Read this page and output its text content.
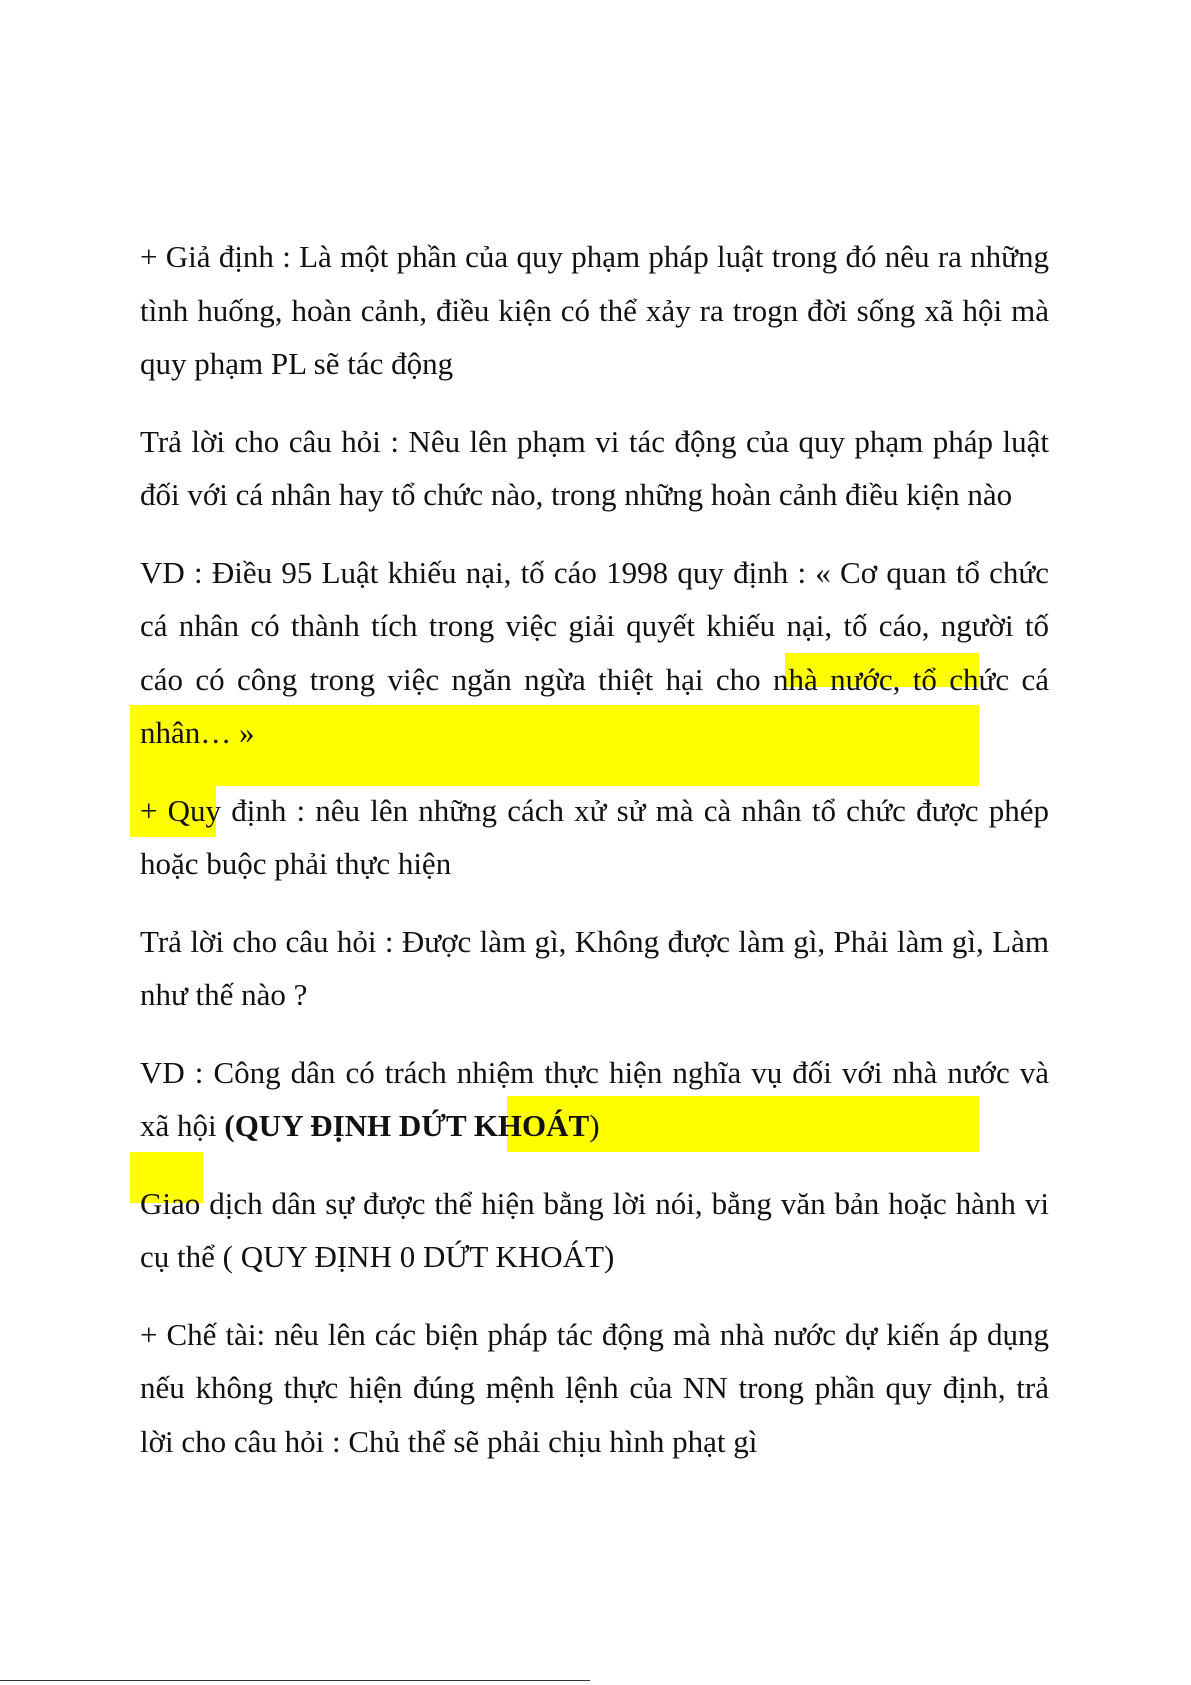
+ Giả định : Là một phần của quy phạm pháp luật trong đó nêu ra những tình huống, hoàn cảnh, điều kiện có thể xảy ra trogn đời sống xã hội mà quy phạm PL sẽ tác động

Trả lời cho câu hỏi : Nêu lên phạm vi tác động của quy phạm pháp luật đối với cá nhân hay tổ chức nào, trong những hoàn cảnh điều kiện nào

VD : Điều 95 Luật khiếu nại, tố cáo 1998 quy định : « Cơ quan tổ chức cá nhân có thành tích trong việc giải quyết khiếu nại, tố cáo, người tố cáo có công trong việc ngăn ngừa thiệt hại cho nhà nước, tổ chức cá nhân… »

+ Quy định : nêu lên những cách xử sử mà cà nhân tổ chức được phép hoặc buộc phải thực hiện

Trả lời cho câu hỏi : Được làm gì, Không được làm gì, Phải làm gì, Làm như thế nào ?

VD : Công dân có trách nhiệm thực hiện nghĩa vụ đối với nhà nước và xã hội (QUY ĐỊNH DỨT KHOÁT)

Giao dịch dân sự được thể hiện bằng lời nói, bằng văn bản hoặc hành vi cụ thể ( QUY ĐỊNH 0 DỨT KHOÁT)

+ Chế tài: nêu lên các biện pháp tác động mà nhà nước dự kiến áp dụng nếu không thực hiện đúng mệnh lệnh của NN trong phần quy định, trả lời cho câu hỏi : Chủ thể sẽ phải chịu hình phạt gì
